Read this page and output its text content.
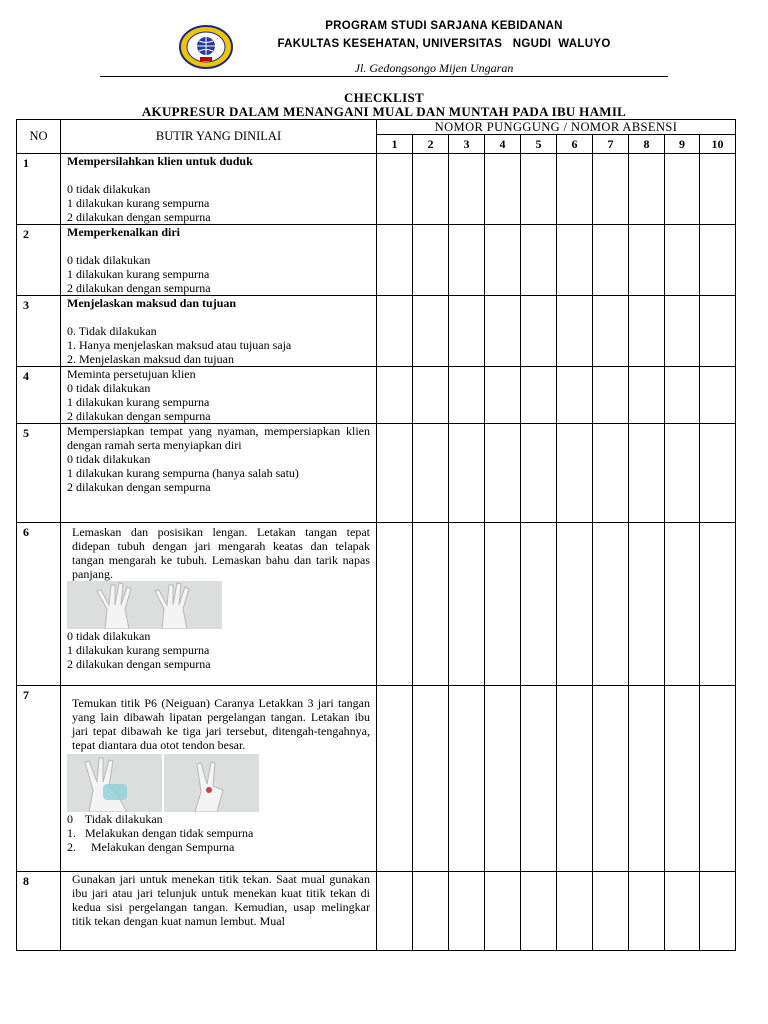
PROGRAM STUDI SARJANA KEBIDANAN
FAKULTAS KESEHATAN, UNIVERSITAS   NGUDI  WALUYO
Jl. Gedongsongo Mijen Ungaran
CHECKLIST
AKUPRESUR DALAM MENANGANI MUAL DAN MUNTAH PADA IBU HAMIL
NO	BUTIR YANG DINILAI	NOMOR PUNGGUNG / NOMOR ABSENSI									
		1	2	3	4	5	6	7	8	9	10
1	Mempersilahkan klien untuk duduk
0 tidak dilakukan
1 dilakukan kurang sempurna
2 dilakukan dengan sempurna										

2	Memperkenalkan diri
0 tidak dilakukan
1 dilakukan kurang sempurna
2 dilakukan dengan sempurna										

3	Menjelaskan maksud dan tujuan
0. Tidak dilakukan
1. Hanya menjelaskan maksud atau tujuan saja
2. Menjelaskan maksud dan tujuan										

4	Meminta persetujuan klien
0 tidak dilakukan
1 dilakukan kurang sempurna
2 dilakukan dengan sempurna										

5	Mempersiapkan tempat yang nyaman, mempersiapkan klien dengan ramah serta menyiapkan diri
0 tidak dilakukan
1 dilakukan kurang sempurna (hanya salah satu)
2 dilakukan dengan sempurna										

6	Lemaskan dan posisikan lengan. Letakan tangan tepat didepan tubuh dengan jari mengarah keatas dan telapak tangan mengarah ke tubuh. Lemaskan bahu dan tarik napas panjang.
0 tidak dilakukan
1 dilakukan kurang sempurna
2 dilakukan dengan sempurna										

7	Temukan titik P6 (Neiguan) Caranya Letakkan 3 jari tangan yang lain dibawah lipatan pergelangan tangan. Letakan ibu jari tepat dibawah ke tiga jari tersebut, ditengah-tengahnya, tepat diantara dua otot tendon besar.
0    Tidak dilakukan
1.   Melakukan dengan tidak sempurna
2.     Melakukan dengan Sempurna										

8	Gunakan jari untuk menekan titik tekan. Saat mual gunakan ibu jari atau jari telunjuk untuk menekan kuat titik tekan di kedua sisi pergelangan tangan. Kemudian, usap melingkar titik tekan dengan kuat namun lembut. Mual										
